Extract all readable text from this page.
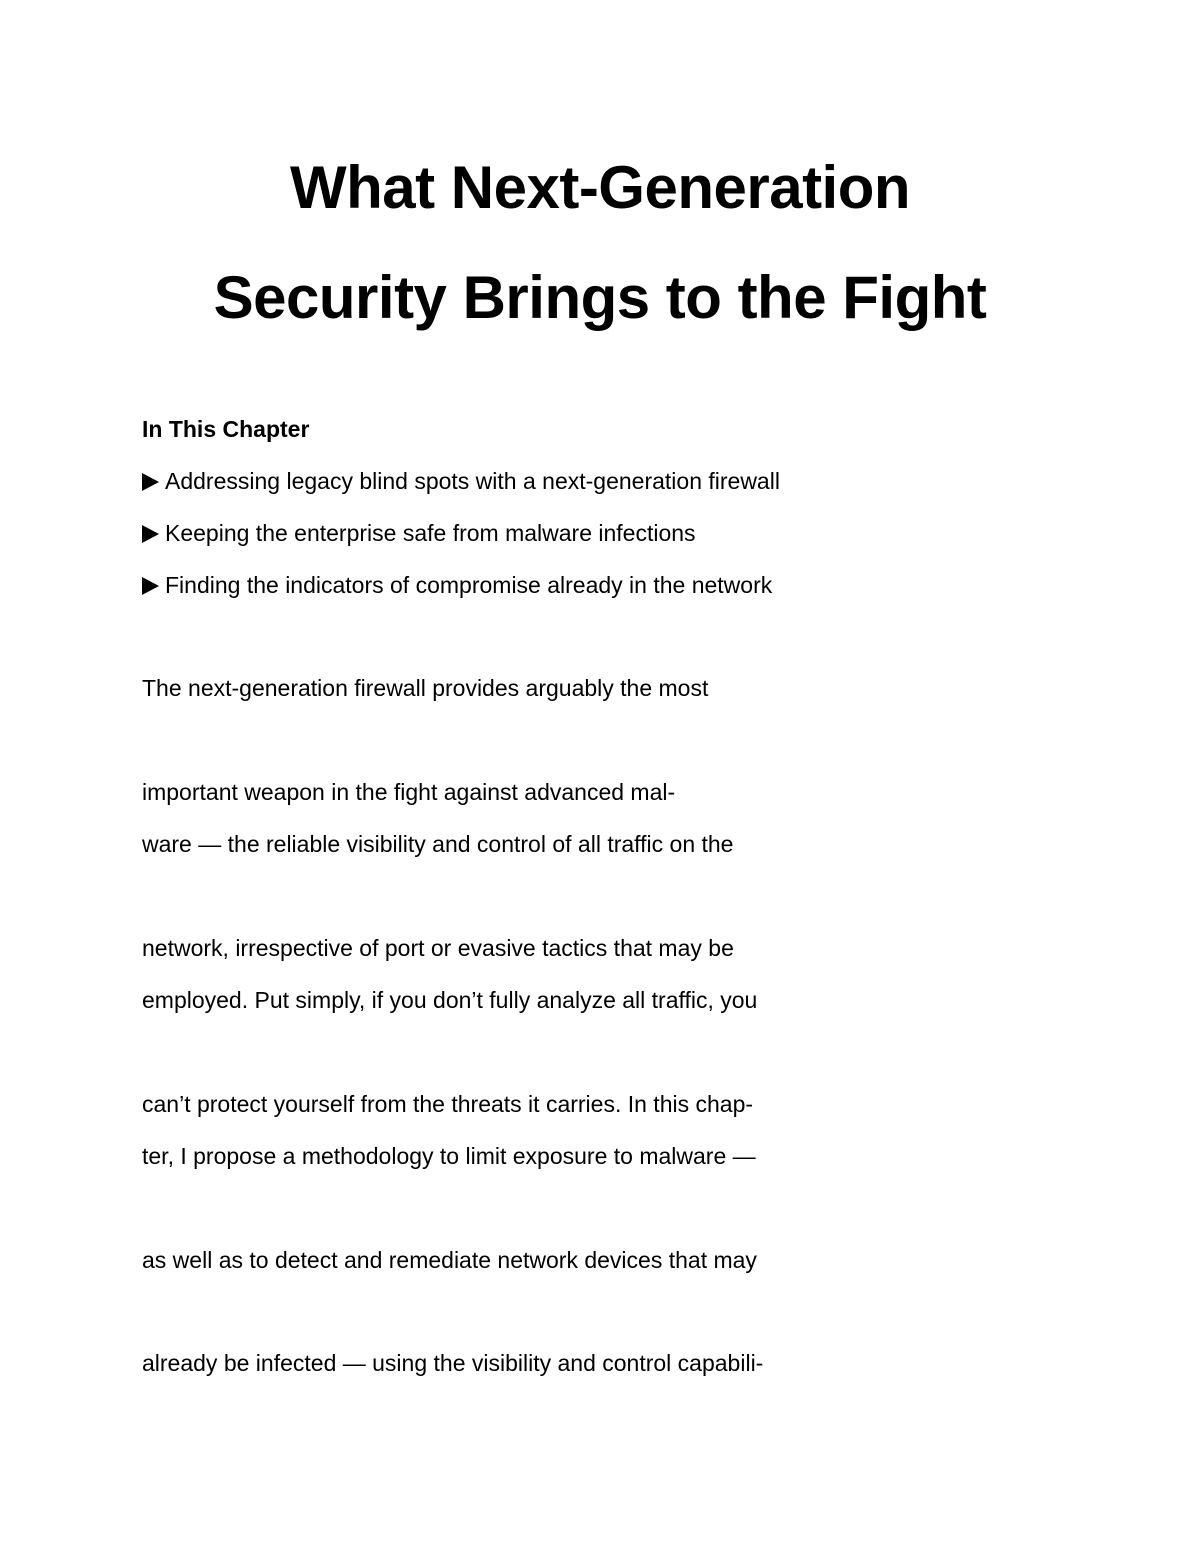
What Next-Generation
Security Brings to the Fight
In This Chapter
Addressing legacy blind spots with a next-generation firewall
Keeping the enterprise safe from malware infections
Finding the indicators of compromise already in the network
The next-generation firewall provides arguably the most
important weapon in the fight against advanced mal-
ware — the reliable visibility and control of all traffic on the
network, irrespective of port or evasive tactics that may be
employed. Put simply, if you don’t fully analyze all traffic, you
can’t protect yourself from the threats it carries. In this chap-
ter, I propose a methodology to limit exposure to malware —
as well as to detect and remediate network devices that may
already be infected — using the visibility and control capabili-
